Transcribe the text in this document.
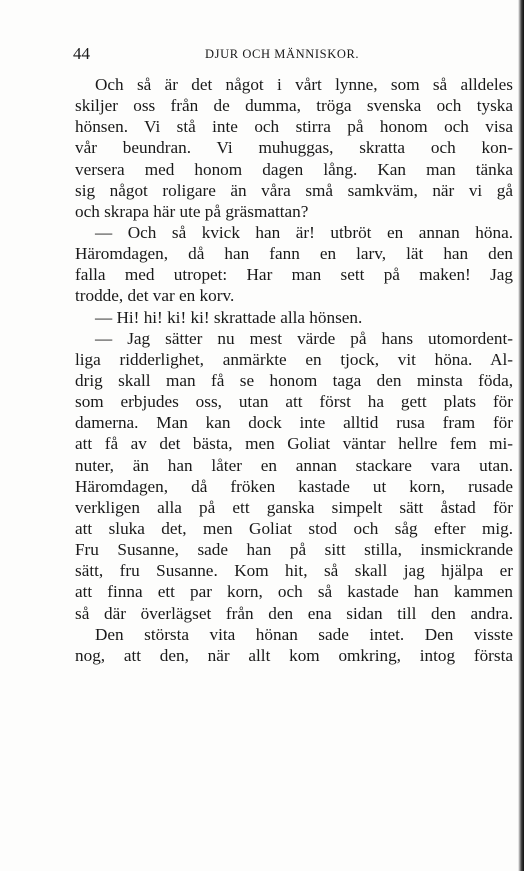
44	DJUR OCH MÄNNISKOR.
Och så är det något i vårt lynne, som så alldeles
skiljer oss från de dumma, tröga svenska och tyska
hönsen. Vi stå inte och stirra på honom och visa
vår beundran. Vi muhuggas, skratta och kon-
versera med honom dagen lång. Kan man tänka
sig något roligare än våra små samkväm, när vi gå
och skrapa här ute på gräsmattan?
— Och så kvick han är! utbröt en annan höna.
Häromdagen, då han fann en larv, lät han den
falla med utropet: Har man sett på maken! Jag
trodde, det var en korv.
— Hi! hi! ki! ki! skrattade alla hönsen.
— Jag sätter nu mest värde på hans utomordent-
liga ridderlighet, anmärkte en tjock, vit höna. Al-
drig skall man få se honom taga den minsta föda,
som erbjudes oss, utan att först ha gett plats för
damerna. Man kan dock inte alltid rusa fram för
att få av det bästa, men Goliat väntar hellre fem mi-
nuter, än han låter en annan stackare vara utan.
Häromdagen, då fröken kastade ut korn, rusade
verkligen alla på ett ganska simpelt sätt åstad för
att sluka det, men Goliat stod och såg efter mig.
Fru Susanne, sade han på sitt stilla, insmickrande
sätt, fru Susanne. Kom hit, så skall jag hjälpa er
att finna ett par korn, och så kastade han kammen
så där överlägset från den ena sidan till den andra.
Den största vita hönan sade intet. Den visste
nog, att den, när allt kom omkring, intog första
